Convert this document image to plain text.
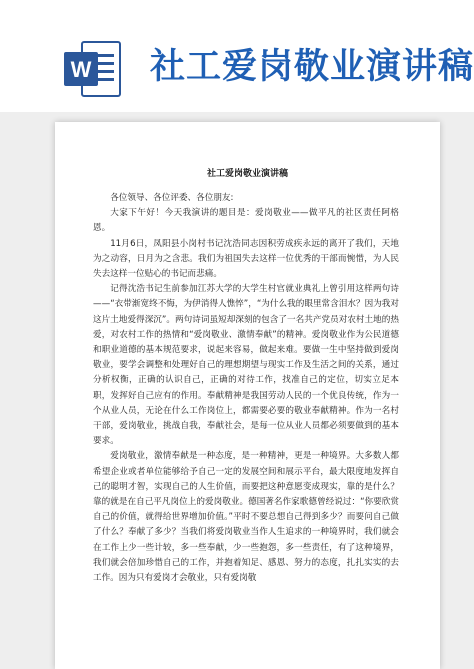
W 社工爱岗敬业演讲稿
社工爱岗敬业演讲稿

各位领导、各位评委、各位朋友:

大家下午好！今天我演讲的题目是：爱岗敬业——做平凡的社区责任阿格恩。

11月6日，凤阳县小岗村书记沈浩同志因积劳成疾永远的离开了我们，天地为之动容，日月为之含悲。我们为祖国失去这样一位优秀的干部而惋惜，为人民失去这样一位贴心的书记而悲痛。

记得沈浩书记生前参加江苏大学的大学生村官就业典礼上曾引用这样两句诗——“衣带渐宽终不悔，为伊消得人憔悴”，“为什么我的眼里常含泪水？因为我对这片土地爱得深沉”。两句诗词虽短却深刻的包含了一名共产党员对农村土地的热爱，对农村工作的热情和“爱岗敬业、激情奉献”的精神。爱岗敬业作为公民道德和职业道德的基本规范要求，说起来容易，做起来难。要做一生中坚持做到爱岗敬业，要学会调整和处理好自己的理想期望与现实工作及生活之间的关系，通过分析权衡，正确的认识自己，正确的对待工作，找准自己的定位，切实立足本职，发挥好自己应有的作用。奉献精神是我国劳动人民的一个优良传统，作为一个从业人员，无论在什么工作岗位上，都需要必要的敬业奉献精神。作为一名村干部，爱岗敬业，挑战自我，奉献社会，是每一位从业人员都必须要做到的基本要求。

爱岗敬业，激情奉献是一种态度，是一种精神，更是一种境界。大多数人都希望企业或者单位能够给予自己一定的发展空间和展示平台，最大限度地发挥自己的聪明才智，实现自己的人生价值，而要把这种意愿变成现实，靠的是什么？靠的就是在自己平凡岗位上的爱岗敬业。德国著名作家歌德曾经说过：“你要欣赏自己的价值，就得给世界增加价值。”平时不要总想自己得到多少？而要问自己做了什么？奉献了多少？当我们将爱岗敬业当作人生追求的一种境界时，我们就会在工作上少一些计较，多一些奉献，少一些抱怨，多一些责任，有了这种境界，我们就会倍加珍惜自己的工作，并抱着知足、感恩、努力的态度，扎扎实实的去工作。因为只有爱岗才会敬业，只有爱岗敬
